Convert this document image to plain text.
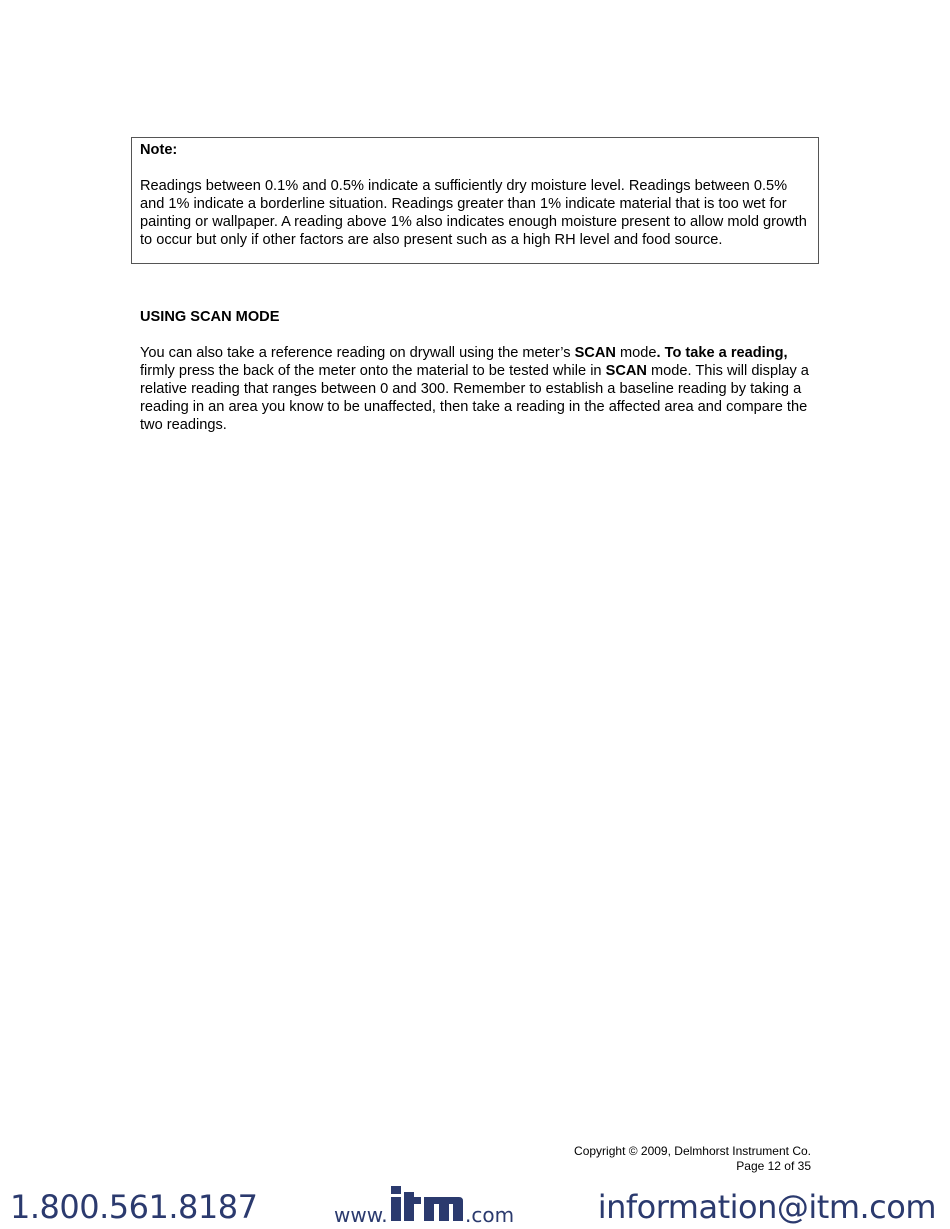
Note:

Readings between 0.1% and 0.5% indicate a sufficiently dry moisture level. Readings between 0.5% and 1% indicate a borderline situation. Readings greater than 1% indicate material that is too wet for painting or wallpaper. A reading above 1% also indicates enough moisture present to allow mold growth to occur but only if other factors are also present such as a high RH level and food source.

USING SCAN MODE

You can also take a reference reading on drywall using the meter’s SCAN mode. To take a reading, firmly press the back of the meter onto the material to be tested while in SCAN mode. This will display a relative reading that ranges between 0 and 300. Remember to establish a baseline reading by taking a reading in an area you know to be unaffected, then take a reading in the affected area and compare the two readings.

Copyright © 2009, Delmhorst Instrument Co.
Page 12 of 35
1.800.561.8187	www.	.com	information@itm.com
